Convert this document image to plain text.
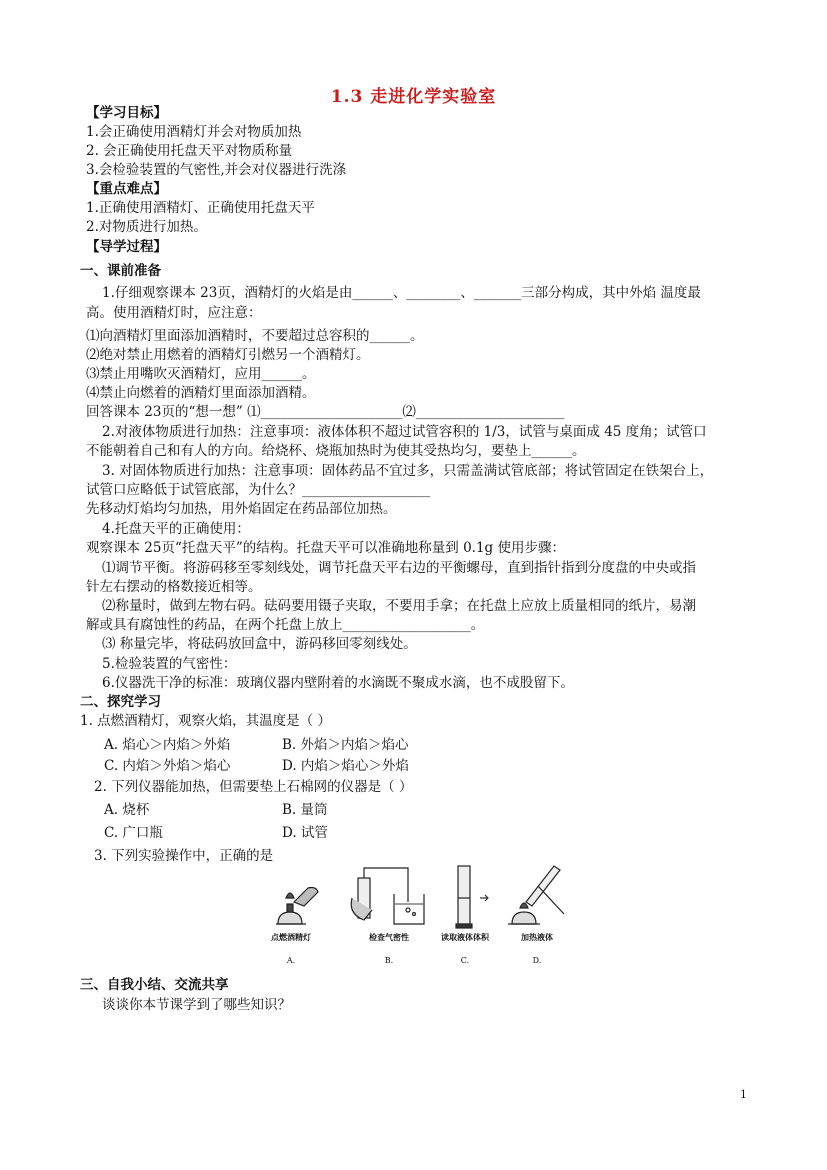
1.3 走进化学实验室
【学习目标】
1.会正确使用酒精灯并会对物质加热
2. 会正确使用托盘天平对物质称量
3.会检验装置的气密性,并会对仪器进行洗涤
【重点难点】
1.正确使用酒精灯、正确使用托盘天平
2.对物质进行加热。
【导学过程】
一、课前准备
1.仔细观察课本 23页，酒精灯的火焰是由______、________、_______三部分构成，其中外焰 温度最
高。使用酒精灯时，应注意：
⑴向酒精灯里面添加酒精时，不要超过总容积的______。
⑵绝对禁止用燃着的酒精灯引燃另一个酒精灯。
⑶禁止用嘴吹灭酒精灯，应用______。
⑷禁止向燃着的酒精灯里面添加酒精。
回答课本 23页的“想一想” ⑴_____________________⑵______________________
2.对液体物质进行加热：注意事项：液体体积不超过试管容积的 1/3，试管与桌面成 45 度角；试管口
不能朝着自己和有人的方向。给烧杯、烧瓶加热时为使其受热均匀，要垫上______。
3. 对固体物质进行加热：注意事项：固体药品不宜过多，只需盖满试管底部；将试管固定在铁架台上，
试管口应略低于试管底部，为什么？___________________
先移动灯焰均匀加热，用外焰固定在药品部位加热。
4.托盘天平的正确使用：
观察课本 25页“托盘天平”的结构。托盘天平可以准确地称量到 0.1g 使用步骤：
⑴调节平衡。将游码移至零刻线处，调节托盘天平右边的平衡螺母，直到指针指到分度盘的中央或指
针左右摆动的格数接近相等。
⑵称量时，做到左物右码。砝码要用镊子夹取，不要用手拿；在托盘上应放上质量相同的纸片，易潮
解或具有腐蚀性的药品，在两个托盘上放上___________________。
⑶ 称量完毕，将砝码放回盒中，游码移回零刻线处。
5.检验装置的气密性：
6.仪器洗干净的标准：玻璃仪器内壁附着的水滴既不聚成水滴，也不成股留下。
二、探究学习
1. 点燃酒精灯，观察火焰，其温度是（ ）
A. 焰心＞内焰＞外焰	B. 外焰＞内焰＞焰心
C. 内焰＞外焰＞焰心	D. 内焰＞焰心＞外焰
2. 下列仪器能加热，但需要垫上石棉网的仪器是（ ）
A. 烧杯	B. 量筒
C. 广口瓶	D. 试管
3. 下列实验操作中，正确的是
点燃酒精灯	检查气密性	读取液体体积	加热液体
A.	B.	C.	D.
三、自我小结、交流共享
谈谈你本节课学到了哪些知识？
1
